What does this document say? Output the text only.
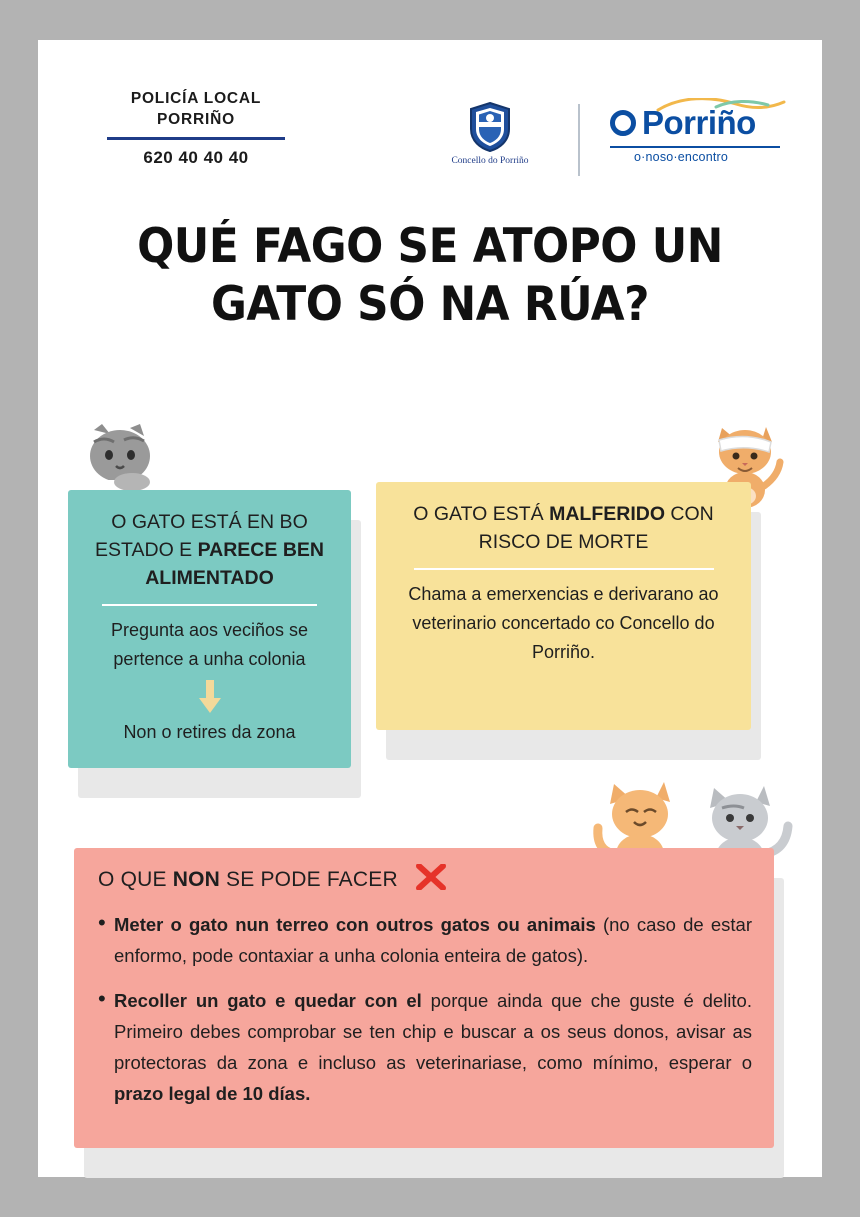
POLICÍA LOCAL
PORRIÑO
620 40 40 40	Concello do Porriño
Porriño
o·noso·encontro
QUÉ FAGO SE ATOPO UN GATO SÓ NA RÚA?
O GATO ESTÁ EN BO ESTADO E PARECE BEN ALIMENTADO
Pregunta aos veciños se pertence a unha colonia
Non o retires da zona
O GATO ESTÁ MALFERIDO CON RISCO DE MORTE
Chama a emerxencias e derivarano ao veterinario concertado co Concello do Porriño.
O QUE NON SE PODE FACER
• Meter o gato nun terreo con outros gatos ou animais (no caso de estar enformo, pode contaxiar a unha colonia enteira de gatos).
• Recoller un gato e quedar con el porque ainda que che guste é delito. Primeiro debes comprobar se ten chip e buscar a os seus donos, avisar as protectoras da zona e incluso as veterinariase, como mínimo, esperar o prazo legal de 10 días.
